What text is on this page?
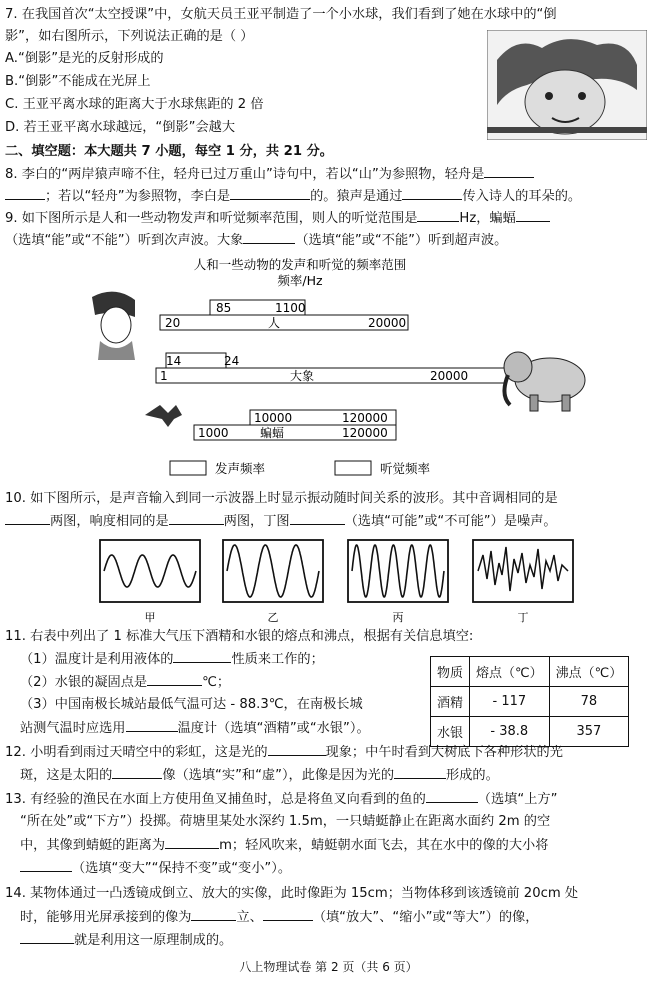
7. 在我国首次“太空授课”中，女航天员王亚平制造了一个小水球，我们看到了她在水球中的“倒
影”，如右图所示，下列说法正确的是（ ）
A.“倒影”是光的反射形成的
B.“倒影”不能成在光屏上
C. 王亚平离水球的距离大于水球焦距的 2 倍
D. 若王亚平离水球越远，“倒影”会越大
二、填空题：本大题共 7 小题，每空 1 分，共 21 分。
8. 李白的“两岸猿声啼不住，轻舟已过万重山”诗句中，若以“山”为参照物，轻舟是
；若以“轻舟”为参照物，李白是	的。猿声是通过	传入诗人的耳朵的。
9. 如下图所示是人和一些动物发声和听觉频率范围，则人的听觉范围是	Hz，蝙蝠
（选填“能”或“不能”）听到次声波。大象	（选填“能”或“不能”）听到超声波。
人和一些动物的发声和听觉的频率范围
频率/Hz
85	1100
20	人	20000
14	24
1	大象	20000
10000	120000
1000	蝙蝠	120000
发声频率	听觉频率
10. 如下图所示，是声音输入到同一示波器上时显示振动随时间关系的波形。其中音调相同的是
两图，响度相同的是	两图，丁图	（选填“可能”或“不可能”）是噪声。
甲	乙	丙	丁
11. 右表中列出了 1 标准大气压下酒精和水银的熔点和沸点，根据有关信息填空:
（1）温度计是利用液体的	性质来工作的；
（2）水银的凝固点是	℃；
（3）中国南极长城站最低气温可达 - 88.3℃，在南极长城
站测气温时应选用	温度计（选填“酒精”或“水银”）。
物质	熔点（℃）	沸点（℃）
酒精	- 117	78
水银	- 38.8	357
12. 小明看到雨过天晴空中的彩虹，这是光的	现象；中午时看到大树底下各种形状的光
斑，这是太阳的	像（选填“实”和“虚”），此像是因为光的	形成的。
13. 有经验的渔民在水面上方使用鱼叉捕鱼时，总是将鱼叉向看到的鱼的	（选填“上方”
“所在处”或“下方”）投掷。荷塘里某处水深约 1.5m，一只蜻蜓静止在距离水面约 2m 的空
中，其像到蜻蜓的距离为	m；轻风吹来，蜻蜓朝水面飞去，其在水中的像的大小将
（选填“变大”“保持不变”或“变小”）。
14. 某物体通过一凸透镜成倒立、放大的实像，此时像距为 15cm；当物体移到该透镜前 20cm 处
时，能够用光屏承接到的像为	立、	（填“放大”、“缩小”或“等大”）的像，
就是利用这一原理制成的。
八上物理试卷 第 2 页（共 6 页）
